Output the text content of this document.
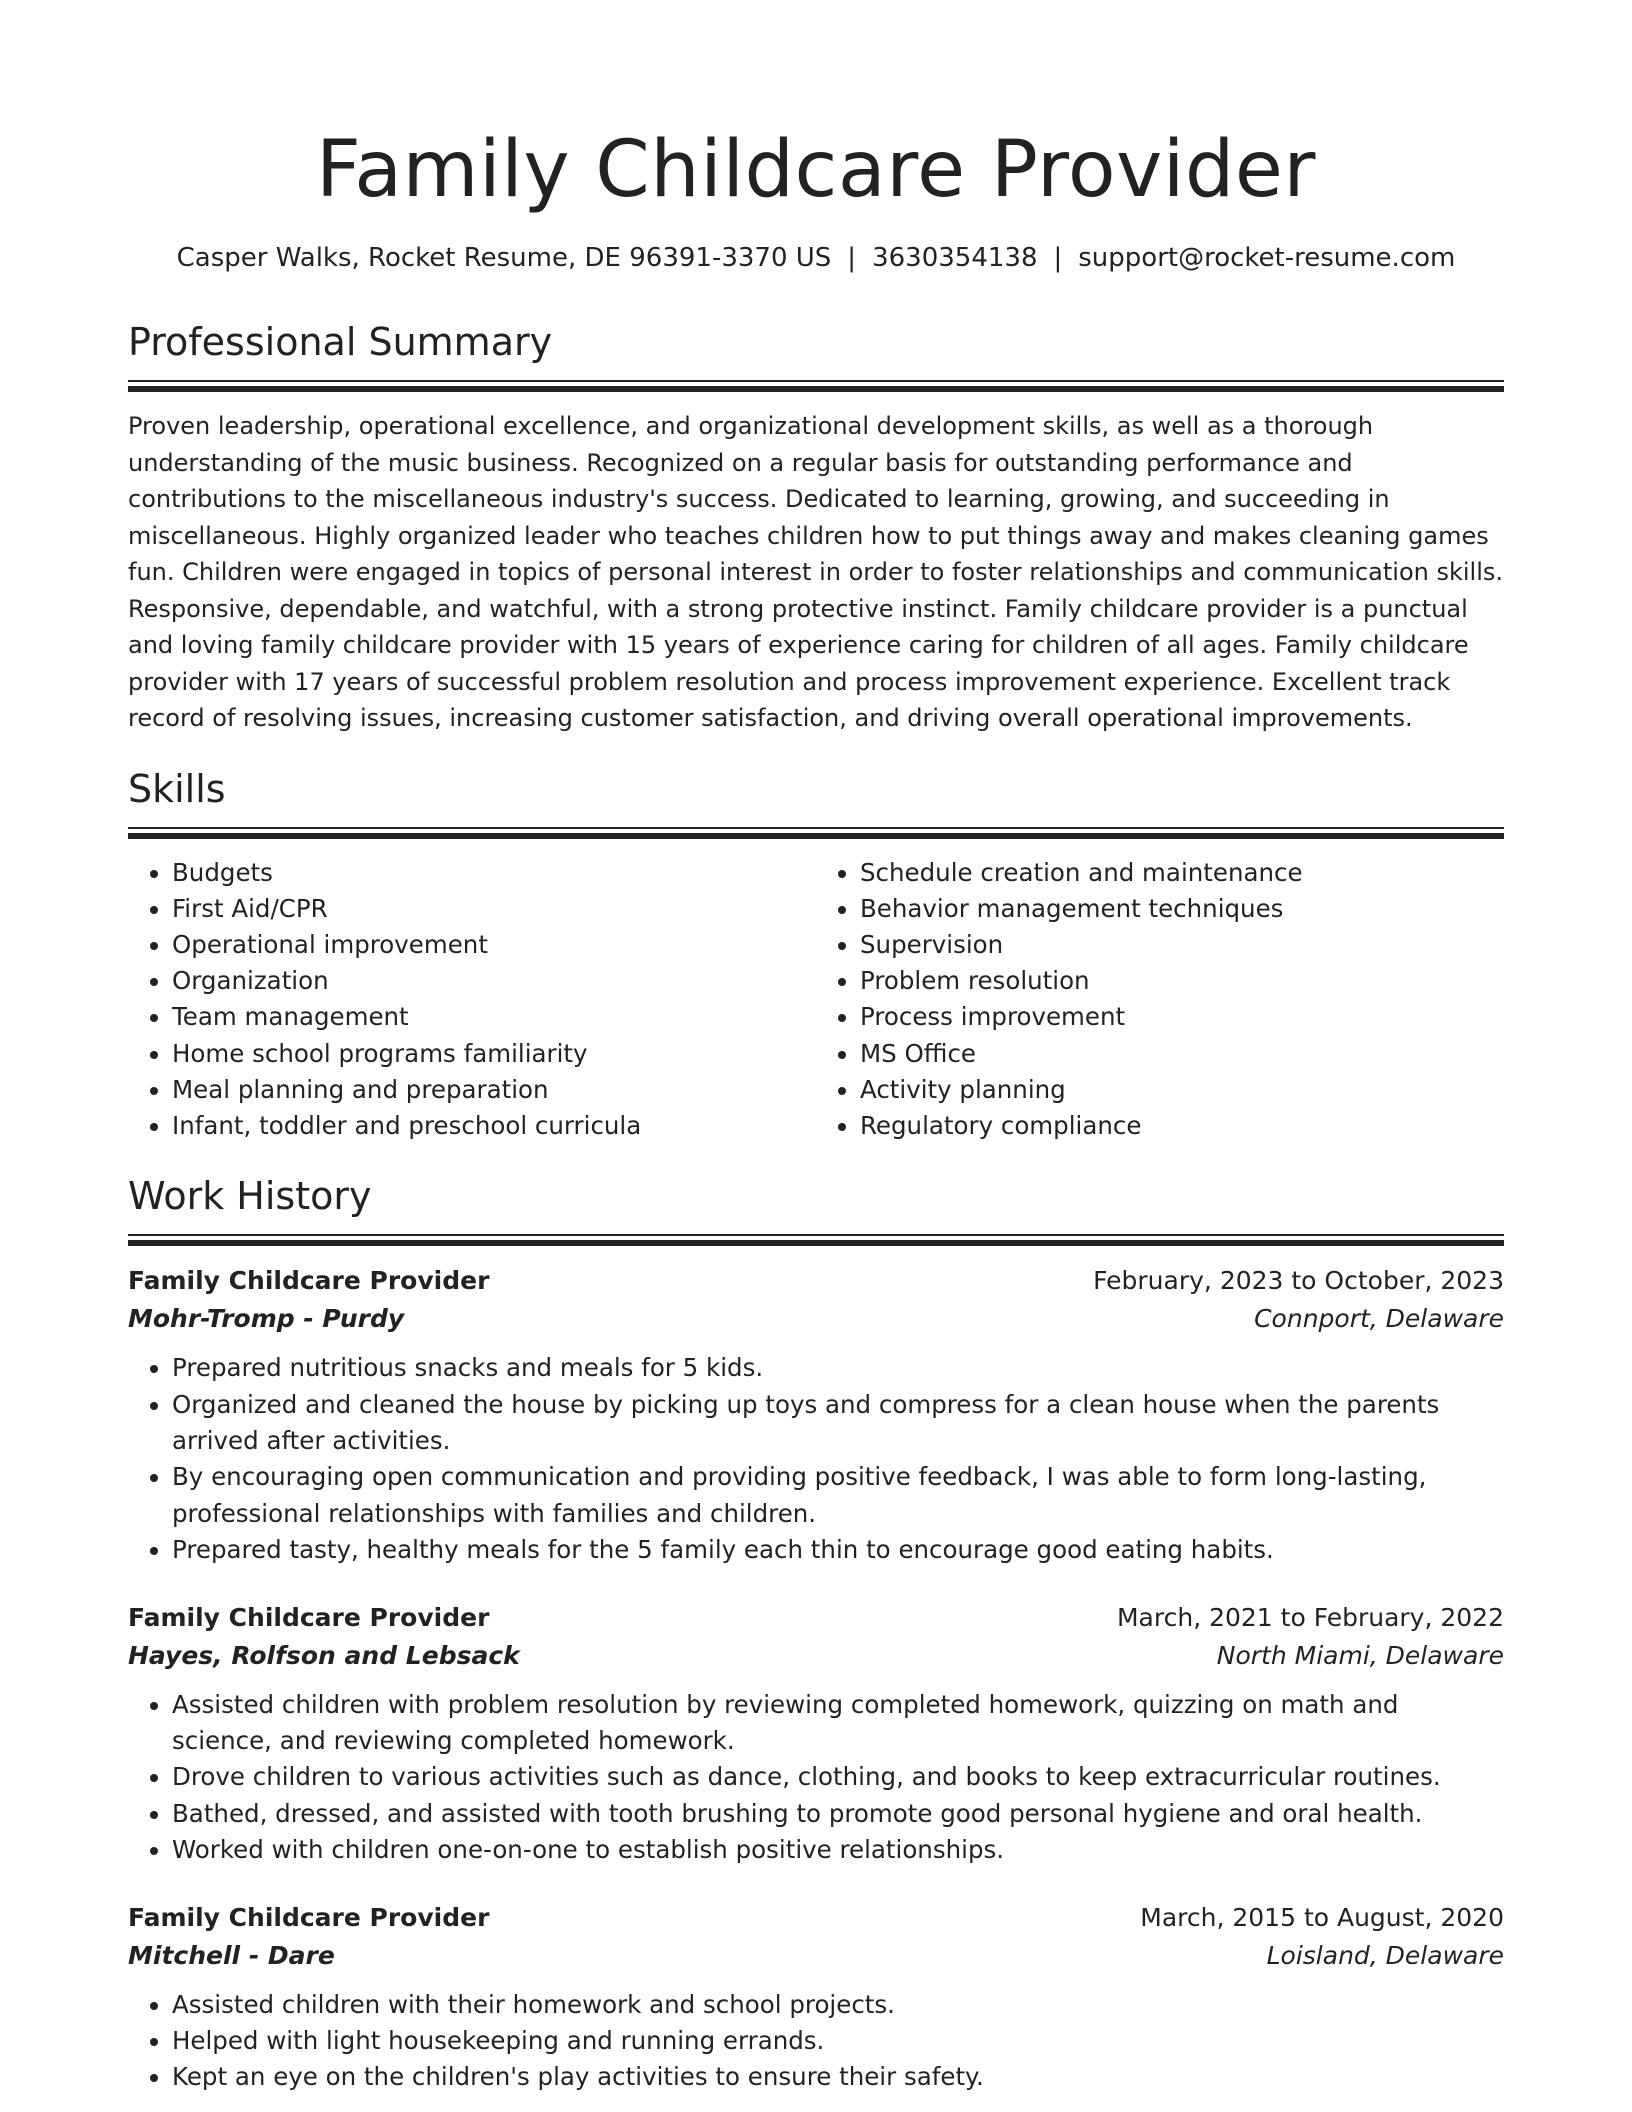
Family Childcare Provider
Casper Walks, Rocket Resume, DE 96391-3370 US | 3630354138 | support@rocket-resume.com
Professional Summary

Proven leadership, operational excellence, and organizational development skills, as well as a thorough understanding of the music business. Recognized on a regular basis for outstanding performance and contributions to the miscellaneous industry's success. Dedicated to learning, growing, and succeeding in miscellaneous. Highly organized leader who teaches children how to put things away and makes cleaning games fun. Children were engaged in topics of personal interest in order to foster relationships and communication skills. Responsive, dependable, and watchful, with a strong protective instinct. Family childcare provider is a punctual and loving family childcare provider with 15 years of experience caring for children of all ages. Family childcare provider with 17 years of successful problem resolution and process improvement experience. Excellent track record of resolving issues, increasing customer satisfaction, and driving overall operational improvements.

Skills
• Budgets
• First Aid/CPR
• Operational improvement
• Organization
• Team management
• Home school programs familiarity
• Meal planning and preparation
• Infant, toddler and preschool curricula
• Schedule creation and maintenance
• Behavior management techniques
• Supervision
• Problem resolution
• Process improvement
• MS Office
• Activity planning
• Regulatory compliance
Work History
Family Childcare Provider	February, 2023 to October, 2023
Mohr-Tromp - Purdy	Connport, Delaware
• Prepared nutritious snacks and meals for 5 kids.
• Organized and cleaned the house by picking up toys and compress for a clean house when the parents arrived after activities.
• By encouraging open communication and providing positive feedback, I was able to form long-lasting, professional relationships with families and children.
• Prepared tasty, healthy meals for the 5 family each thin to encourage good eating habits.
Family Childcare Provider	March, 2021 to February, 2022
Hayes, Rolfson and Lebsack	North Miami, Delaware
• Assisted children with problem resolution by reviewing completed homework, quizzing on math and science, and reviewing completed homework.
• Drove children to various activities such as dance, clothing, and books to keep extracurricular routines.
• Bathed, dressed, and assisted with tooth brushing to promote good personal hygiene and oral health.
• Worked with children one-on-one to establish positive relationships.
Family Childcare Provider	March, 2015 to August, 2020
Mitchell - Dare	Loisland, Delaware
• Assisted children with their homework and school projects.
• Helped with light housekeeping and running errands.
• Kept an eye on the children's play activities to ensure their safety.
